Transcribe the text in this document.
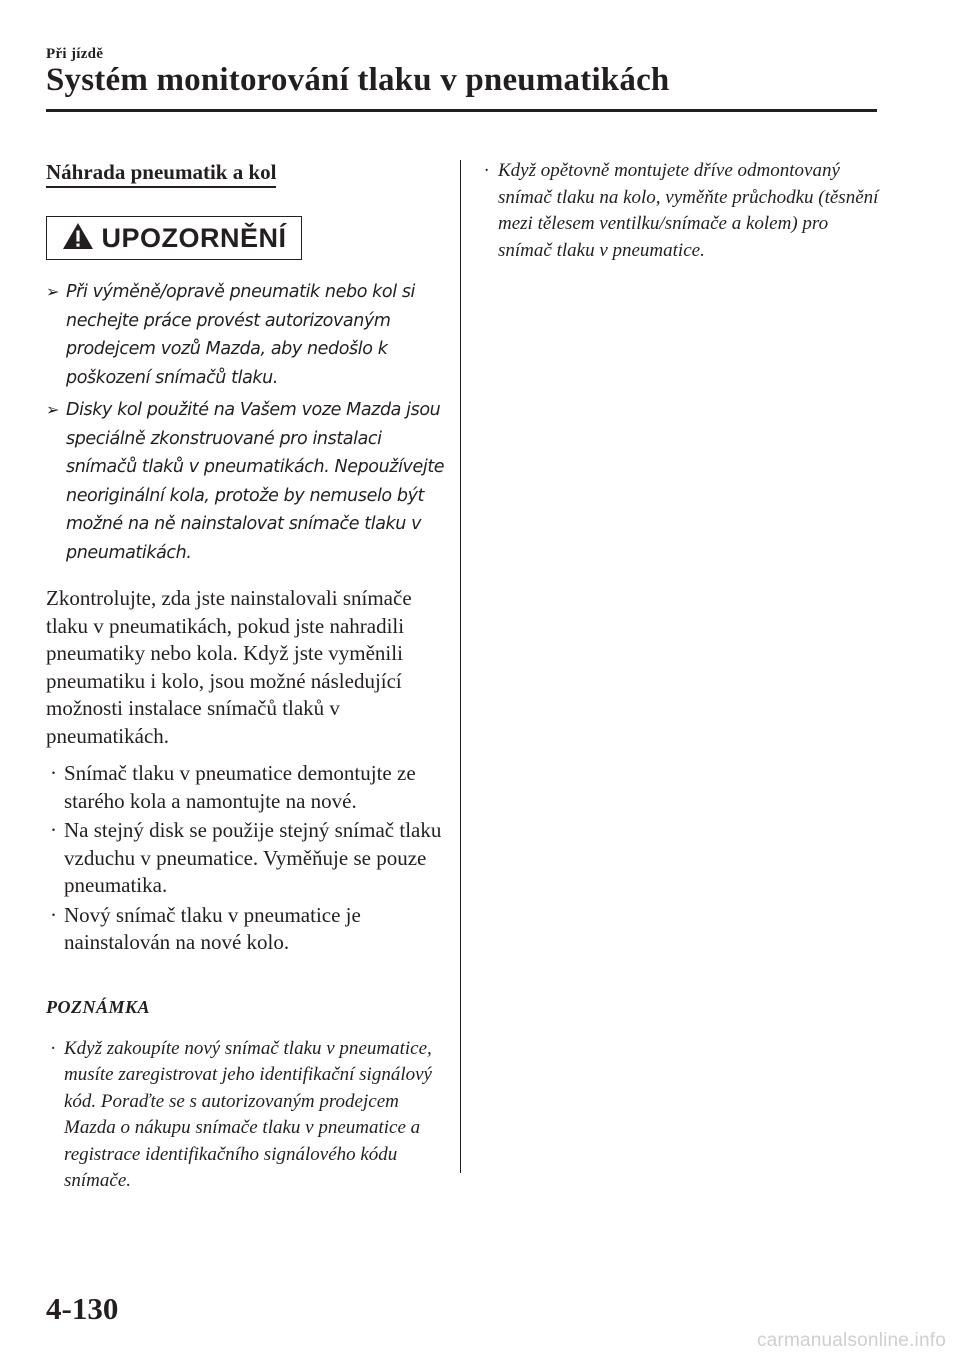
Při jízdě
Systém monitorování tlaku v pneumatikách
Náhrada pneumatik a kol
UPOZORNĚNÍ
➢ Při výměně/opravě pneumatik nebo kol si nechejte práce provést autorizovaným prodejcem vozů Mazda, aby nedošlo k poškození snímačů tlaku.
➢ Disky kol použité na Vašem voze Mazda jsou speciálně zkonstruované pro instalaci snímačů tlaků v pneumatikách. Nepoužívejte neoriginální kola, protože by nemuselo být možné na ně nainstalovat snímače tlaku v pneumatikách.
Zkontrolujte, zda jste nainstalovali snímače tlaku v pneumatikách, pokud jste nahradili pneumatiky nebo kola. Když jste vyměnili pneumatiku i kolo, jsou možné následující možnosti instalace snímačů tlaků v pneumatikách.
· Snímač tlaku v pneumatice demontujte ze starého kola a namontujte na nové.
· Na stejný disk se použije stejný snímač tlaku vzduchu v pneumatice. Vyměňuje se pouze pneumatika.
· Nový snímač tlaku v pneumatice je nainstalován na nové kolo.
POZNÁMKA
· Když zakoupíte nový snímač tlaku v pneumatice, musíte zaregistrovat jeho identifikační signálový kód. Poraďte se s autorizovaným prodejcem Mazda o nákupu snímače tlaku v pneumatice a registrace identifikačního signálového kódu snímače.
· Když opětovně montujete dříve odmontovaný snímač tlaku na kolo, vyměňte průchodku (těsnění mezi tělesem ventilku/snímače a kolem) pro snímač tlaku v pneumatice.
4-130
carmanualsonline.info
